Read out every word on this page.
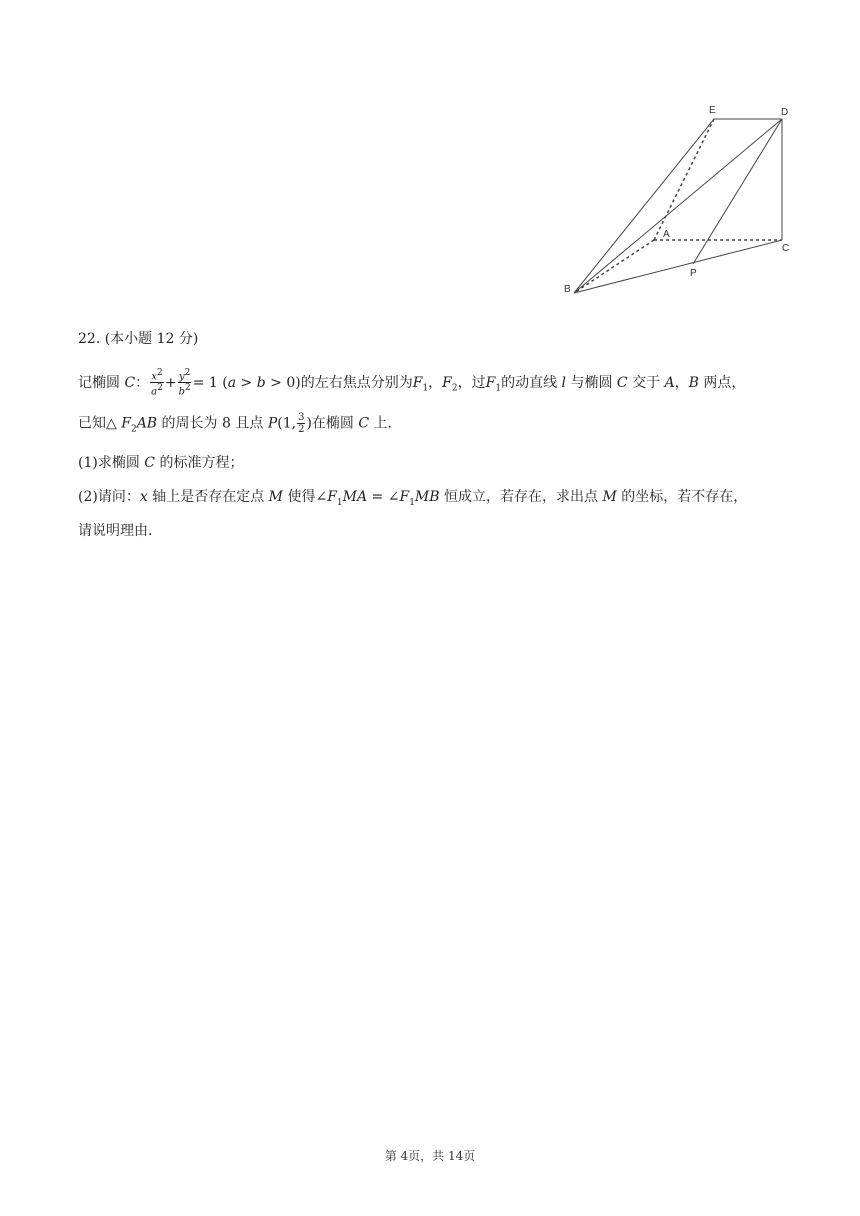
E	D
A
C
P
B
22. (本小题 12 分)
记椭圆 C： $\frac{x^2}{a^2} + \frac{y^2}{b^2} = 1$ (a > b > 0)的左右焦点分别为$F_1$，$F_2$，过$F_1$的动直线 l 与椭圆 C 交于 A，B 两点，
已知△ $F_2AB$ 的周长为 8 且点 P(1, $\frac{3}{2}$ )在椭圆 C 上.
(1)求椭圆 C 的标准方程；
(2)请问：x 轴上是否存在定点 M 使得$\angle F_1MA$ = $\angle F_1MB$ 恒成立，若存在，求出点 M 的坐标，若不存在，
请说明理由.
第 4页，共 14页
